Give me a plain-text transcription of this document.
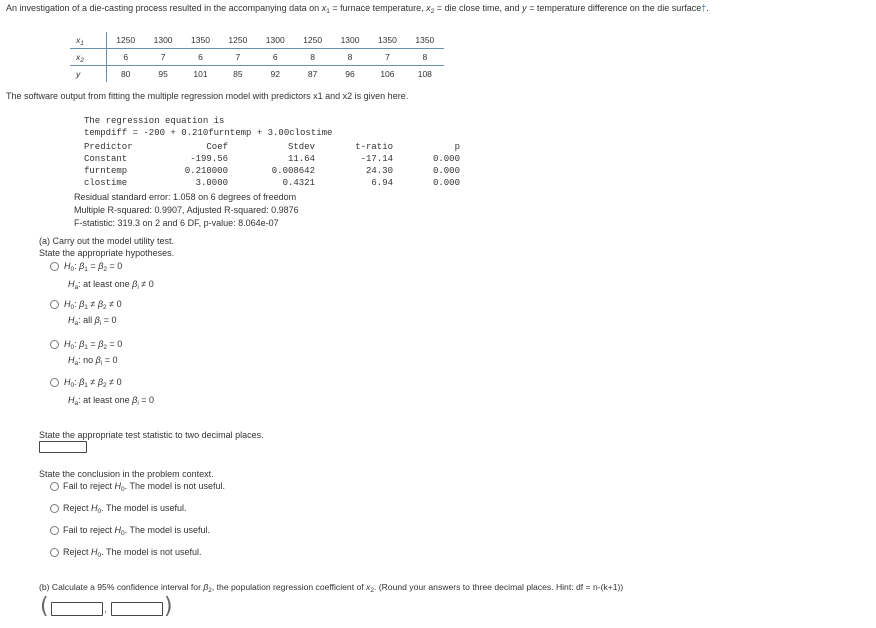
An investigation of a die-casting process resulted in the accompanying data on $x_1$ = furnace temperature, $x_2$ = die close time, and y = temperature difference on the die surface†.
$x_1$	1250	1300	1350	1250	1300	1250	1300	1350	1350
$x_2$	6	7	6	7	6	8	8	7	8
y	80	95	101	85	92	87	96	106	108
The software output from fitting the multiple regression model with predictors x1 and x2 is given here.
The regression equation is
tempdiff = -200 + 0.210furntemp + 3.00clostime
Predictor	Coef	Stdev	t-ratio	p
Constant	-199.56	11.64	-17.14	0.000
furntemp	0.210000	0.008642	24.30	0.000
clostime	3.0000	0.4321	6.94	0.000
Residual standard error: 1.058 on 6 degrees of freedom
Multiple R-squared: 0.9907, Adjusted R-squared: 0.9876
F-statistic: 319.3 on 2 and 6 DF, p-value: 8.064e-07
(a) Carry out the model utility test.
State the appropriate hypotheses.
$H_0$: $\beta_1 = \beta_2 = 0$
$H_a$: at least one $\beta_i \ne 0$
$H_0$: $\beta_1 \ne \beta_2 \ne 0$
$H_a$: all $\beta_i = 0$
$H_0$: $\beta_1 = \beta_2 = 0$
$H_a$: no $\beta_i = 0$
$H_0$: $\beta_1 \ne \beta_2 \ne 0$
$H_a$: at least one $\beta_i = 0$
State the appropriate test statistic to two decimal places.
State the conclusion in the problem context.
Fail to reject $H_0$. The model is not useful.
Reject $H_0$. The model is useful.
Fail to reject $H_0$. The model is useful.
Reject $H_0$. The model is not useful.
(b) Calculate a 95% confidence interval for $\beta_2$, the population regression coefficient of $x_2$. (Round your answers to three decimal places. Hint: df = n-(k+1))
(	,	)
